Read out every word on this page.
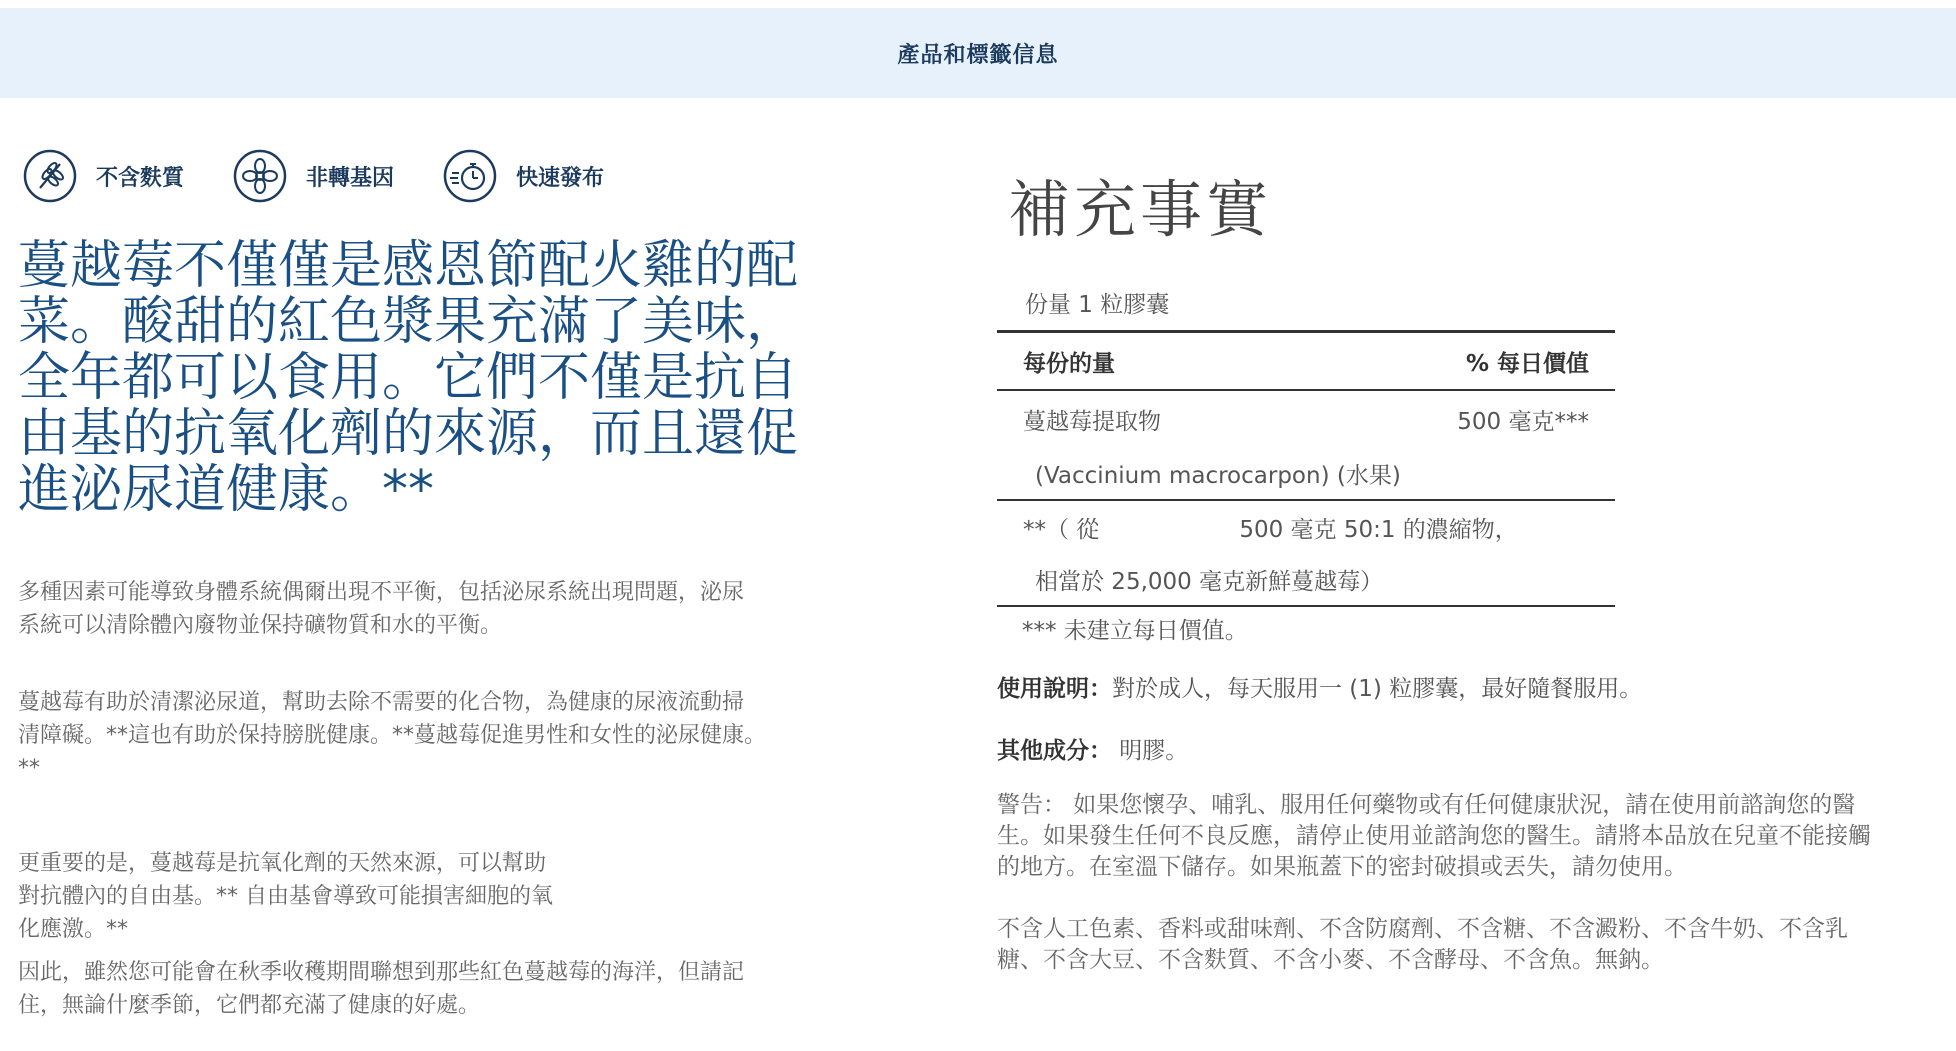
產品和標籤信息
不含麩質	非轉基因	快速發布
蔓越莓不僅僅是感恩節配火雞的配
菜。酸甜的紅色漿果充滿了美味，
全年都可以食用。它們不僅是抗自
由基的抗氧化劑的來源，而且還促
進泌尿道健康。**
多種因素可能導致身體系統偶爾出現不平衡，包括泌尿系統出現問題，泌尿
系統可以清除體內廢物並保持礦物質和水的平衡。
蔓越莓有助於清潔泌尿道，幫助去除不需要的化合物，為健康的尿液流動掃
清障礙。**這也有助於保持膀胱健康。**蔓越莓促進男性和女性的泌尿健康。
**
更重要的是，蔓越莓是抗氧化劑的天然來源，可以幫助
對抗體內的自由基。** 自由基會導致可能損害細胞的氧
化應激。**
因此，雖然您可能會在秋季收穫期間聯想到那些紅色蔓越莓的海洋，但請記
住，無論什麼季節，它們都充滿了健康的好處。
補充事實
份量 1 粒膠囊
每份的量	% 每日價值
蔓越莓提取物	500 毫克***
(Vaccinium macrocarpon) (水果)
**（ 從	500 毫克 50:1 的濃縮物，
相當於 25,000 毫克新鮮蔓越莓）
*** 未建立每日價值。
使用說明：對於成人，每天服用一 (1) 粒膠囊，最好隨餐服用。
其他成分： 明膠。
警告： 如果您懷孕、哺乳、服用任何藥物或有任何健康狀況，請在使用前諮詢您的醫
生。如果發生任何不良反應，請停止使用並諮詢您的醫生。請將本品放在兒童不能接觸
的地方。在室溫下儲存。如果瓶蓋下的密封破損或丟失，請勿使用。
不含人工色素、香料或甜味劑、不含防腐劑、不含糖、不含澱粉、不含牛奶、不含乳
糖、不含大豆、不含麩質、不含小麥、不含酵母、不含魚。無鈉。
